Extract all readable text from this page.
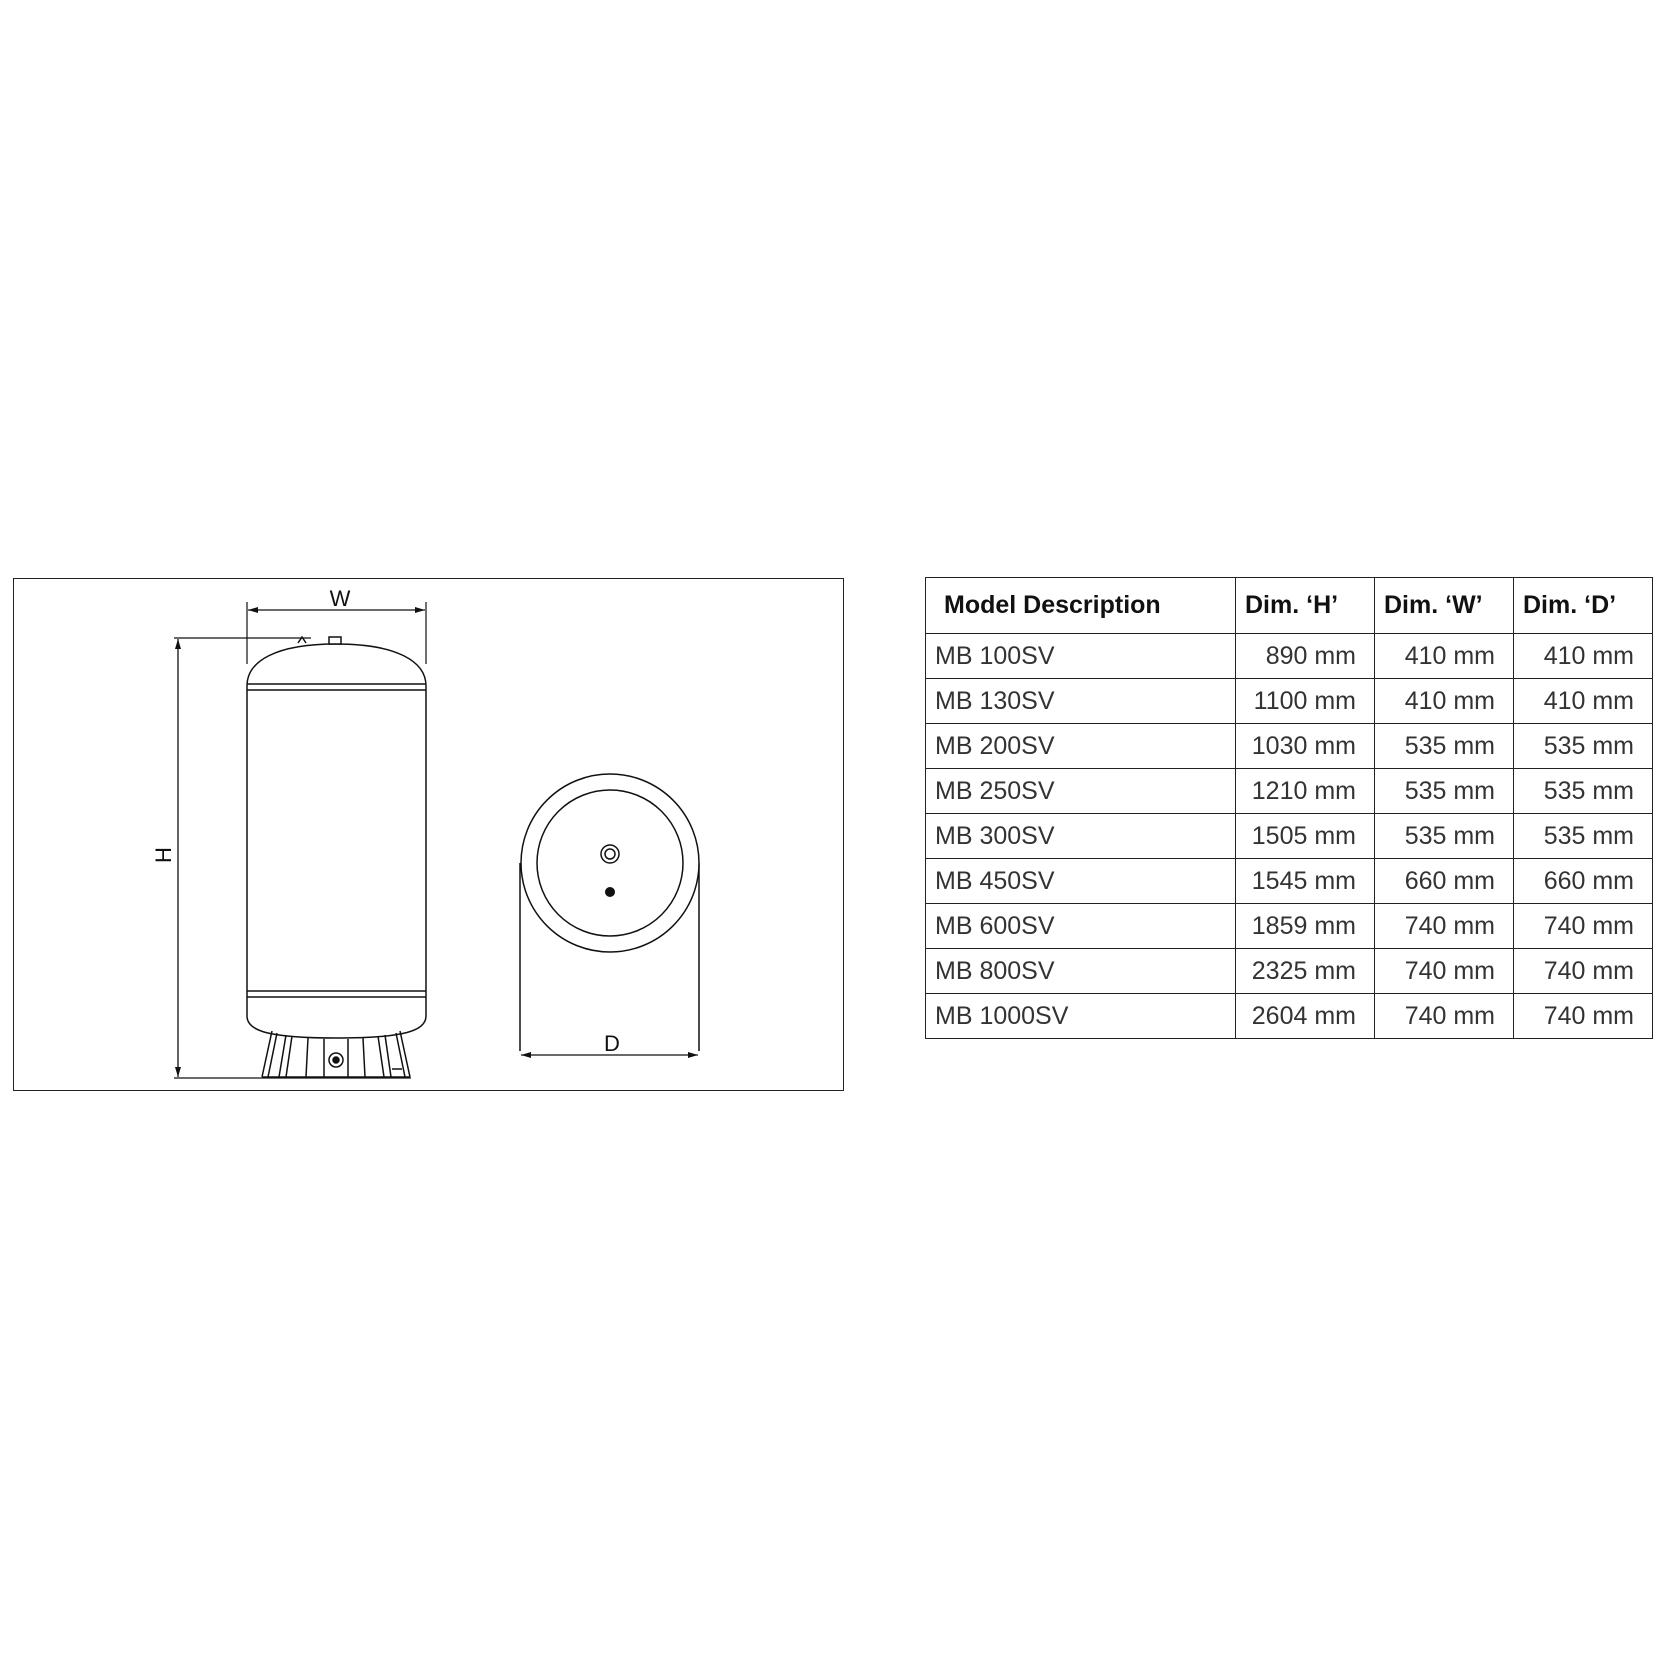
W
H
D
Model Description	Dim. ‘H’	Dim. ‘W’	Dim. ‘D’
MB 100SV	890 mm	410 mm	410 mm
MB 130SV	1100 mm	410 mm	410 mm
MB 200SV	1030 mm	535 mm	535 mm
MB 250SV	1210 mm	535 mm	535 mm
MB 300SV	1505 mm	535 mm	535 mm
MB 450SV	1545 mm	660 mm	660 mm
MB 600SV	1859 mm	740 mm	740 mm
MB 800SV	2325 mm	740 mm	740 mm
MB 1000SV	2604 mm	740 mm	740 mm
